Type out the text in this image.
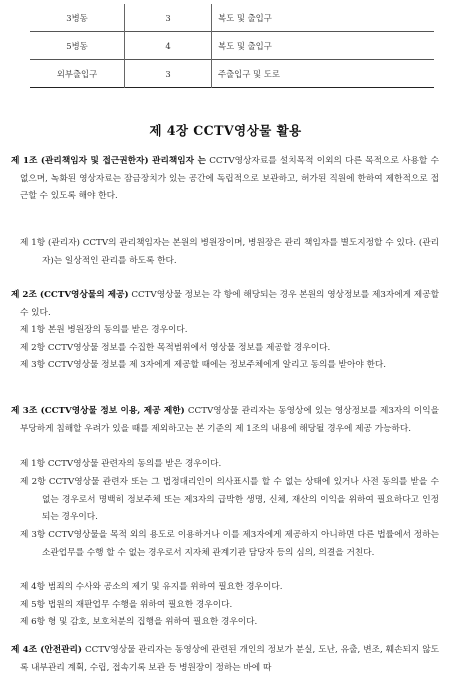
3병동	3	복도 및 출입구
5병동	4	복도 및 출입구
외부출입구	3	주출입구 및 도로
제 4장 CCTV영상물 활용
제 1조 (관리책임자 및 접근권한자) 관리책임자 는 CCTV영상자료를 설치목적 이외의 다른 목적으로 사용할 수 없으며, 녹화된 영상자료는 잠금장치가 있는 공간에 독립적으로 보관하고, 허가된 직원에 한하여 제한적으로 접근할 수 있도록 해야 한다.
제 1항 (관리자) CCTV의 관리책임자는 본원의 병원장이며, 병원장은 관리 책임자를 별도지정할 수 있다. (관리자)는 일상적인 관리를 하도록 한다.
제 2조 (CCTV영상물의 제공) CCTV영상물 정보는 각 항에 해당되는 경우 본원의 영상정보를 제3자에게 제공할 수 있다.
제 1항 본원 병원장의 동의를 받은 경우이다.
제 2항 CCTV영상물 정보를 수집한 목적범위에서 영상물 정보를 제공할 경우이다.
제 3항 CCTV영상물 정보를 제 3자에게 제공할 때에는 정보주체에게 알리고 동의를 받아야 한다.
제 3조 (CCTV영상물 정보 이용, 제공 제한) CCTV영상물 관리자는 동영상에 있는 영상정보를 제3자의 이익을 부당하게 침해할 우려가 있을 때를 제외하고는 본 기준의 제 1조의 내용에 해당될 경우에 제공 가능하다.
제 1항 CCTV영상물 관련자의 동의를 받은 경우이다.
제 2항 CCTV영상물 관련자 또는 그 법정대리인이 의사표시를 할 수 없는 상태에 있거나 사전 동의를 받을 수 없는 경우로서 명백히 정보주체 또는 제3자의 급박한 생명, 신체, 재산의 이익을 위하여 필요하다고 인정되는 경우이다.
제 3항 CCTV영상물을 목적 외의 용도로 이용하거나 이를 제3자에게 제공하지 아니하면 다른 법률에서 정하는 소관업무를 수행 할 수 없는 경우로서 지자체 관계기관 담당자 등의 심의, 의결을 거친다.
제 4항 범죄의 수사와 공소의 제기 및 유지를 위하여 필요한 경우이다.
제 5항 법원의 재판업무 수행을 위하여 필요한 경우이다.
제 6항 형 및 감호, 보호처분의 집행을 위하여 필요한 경우이다.
제 4조 (안전관리) CCTV영상물 관리자는 동영상에 관련된 개인의 정보가 분실, 도난, 유출, 변조, 훼손되지 않도록 내부관리 계획, 수립, 접속기록 보관 등 병원장이 정하는 바에 따
